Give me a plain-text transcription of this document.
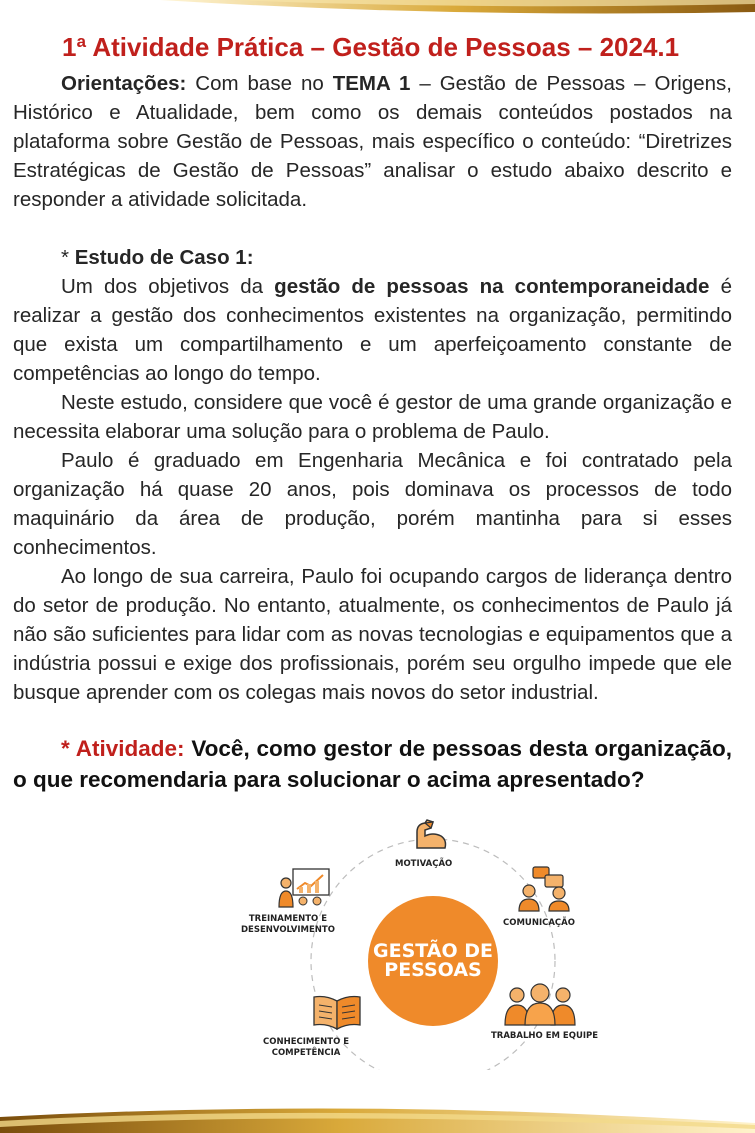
1ª Atividade Prática – Gestão de Pessoas – 2024.1

Orientações: Com base no TEMA 1 – Gestão de Pessoas – Origens, Histórico e Atualidade, bem como os demais conteúdos postados na plataforma sobre Gestão de Pessoas, mais específico o conteúdo: “Diretrizes Estratégicas de Gestão de Pessoas” analisar o estudo abaixo descrito e responder a atividade solicitada.

* Estudo de Caso 1:

Um dos objetivos da gestão de pessoas na contemporaneidade é realizar a gestão dos conhecimentos existentes na organização, permitindo que exista um compartilhamento e um aperfeiçoamento constante de competências ao longo do tempo.

Neste estudo, considere que você é gestor de uma grande organização e necessita elaborar uma solução para o problema de Paulo.

Paulo é graduado em Engenharia Mecânica e foi contratado pela organização há quase 20 anos, pois dominava os processos de todo maquinário da área de produção, porém mantinha para si esses conhecimentos.

Ao longo de sua carreira, Paulo foi ocupando cargos de liderança dentro do setor de produção. No entanto, atualmente, os conhecimentos de Paulo já não são suficientes para lidar com as novas tecnologias e equipamentos que a indústria possui e exige dos profissionais, porém seu orgulho impede que ele busque aprender com os colegas mais novos do setor industrial.

* Atividade: Você, como gestor de pessoas desta organização, o que recomendaria para solucionar o acima apresentado?

GESTÃO DE
PESSOAS
MOTIVAÇÃO
COMUNICAÇÃO
TRABALHO EM EQUIPE
CONHECIMENTO E
COMPETÊNCIA
TREINAMENTO E
DESENVOLVIMENTO
